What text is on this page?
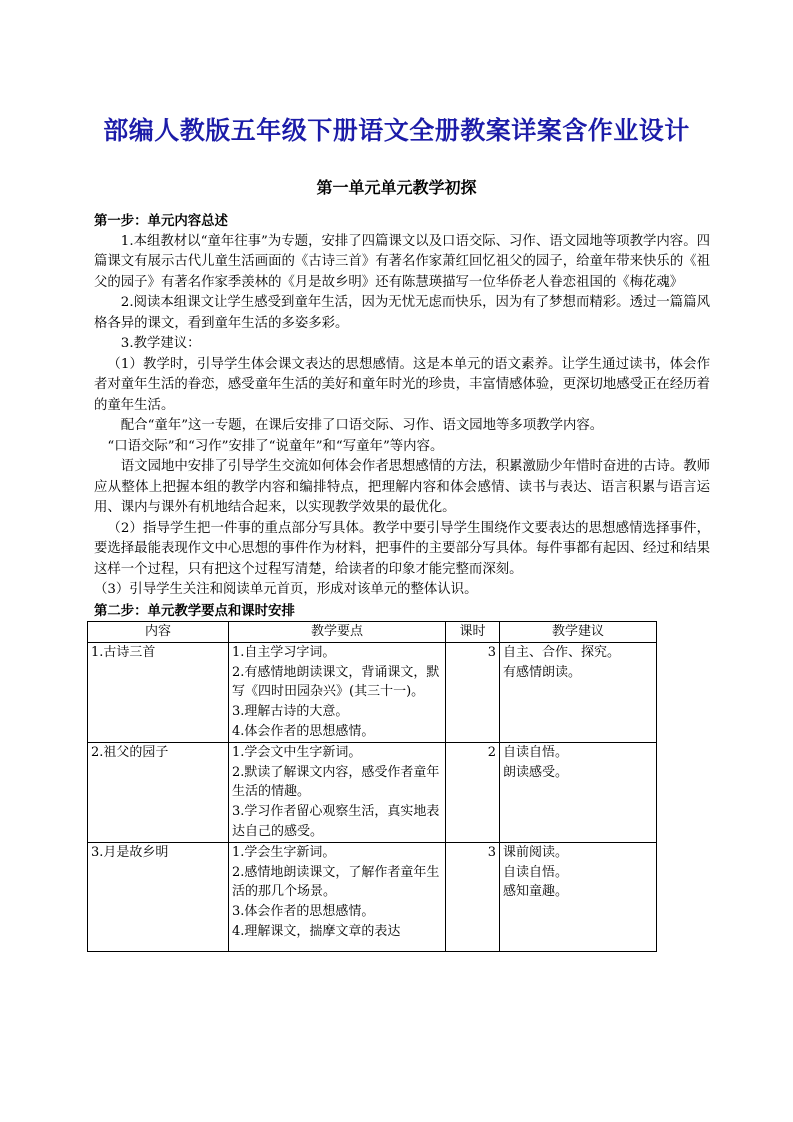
部编人教版五年级下册语文全册教案详案含作业设计
第一单元单元教学初探

第一步：单元内容总述

1.本组教材以“童年往事”为专题，安排了四篇课文以及口语交际、习作、语文园地等项教学内容。四篇课文有展示古代儿童生活画面的《古诗三首》有著名作家萧红回忆祖父的园子，给童年带来快乐的《祖父的园子》有著名作家季羡林的《月是故乡明》还有陈慧瑛描写一位华侨老人眷恋祖国的《梅花魂》

2.阅读本组课文让学生感受到童年生活，因为无忧无虑而快乐，因为有了梦想而精彩。透过一篇篇风格各异的课文，看到童年生活的多姿多彩。

3.教学建议：

（1）教学时，引导学生体会课文表达的思想感情。这是本单元的语文素养。让学生通过读书，体会作者对童年生活的眷恋，感受童年生活的美好和童年时光的珍贵，丰富情感体验，更深切地感受正在经历着的童年生活。

配合“童年”这一专题，在课后安排了口语交际、习作、语文园地等多项教学内容。

“口语交际”和“习作”安排了“说童年”和“写童年”等内容。

语文园地中安排了引导学生交流如何体会作者思想感情的方法，积累激励少年惜时奋进的古诗。教师应从整体上把握本组的教学内容和编排特点，把理解内容和体会感情、读书与表达、语言积累与语言运用、课内与课外有机地结合起来，以实现教学效果的最优化。

（2）指导学生把一件事的重点部分写具体。教学中要引导学生围绕作文要表达的思想感情选择事件，要选择最能表现作文中心思想的事件作为材料，把事件的主要部分写具体。每件事都有起因、经过和结果这样一个过程，只有把这个过程写清楚，给读者的印象才能完整而深刻。

（3）引导学生关注和阅读单元首页，形成对该单元的整体认识。

第二步：单元教学要点和课时安排

内容	教学要点	课时	教学建议
1.古诗三首	1.自主学习字词。
2.有感情地朗读课文，背诵课文，默写《四时田园杂兴》(其三十一)。
3.理解古诗的大意。
4.体会作者的思想感情。	3	自主、合作、探究。
有感情朗读。

2.祖父的园子	1.学会文中生字新词。
2.默读了解课文内容，感受作者童年生活的情趣。
3.学习作者留心观察生活，真实地表达自己的感受。	2	自读自悟。
朗读感受。

3.月是故乡明	1.学会生字新词。
2.感情地朗读课文，了解作者童年生活的那几个场景。
3.体会作者的思想感情。
4.理解课文，揣摩文章的表达	3	课前阅读。
自读自悟。
感知童趣。
